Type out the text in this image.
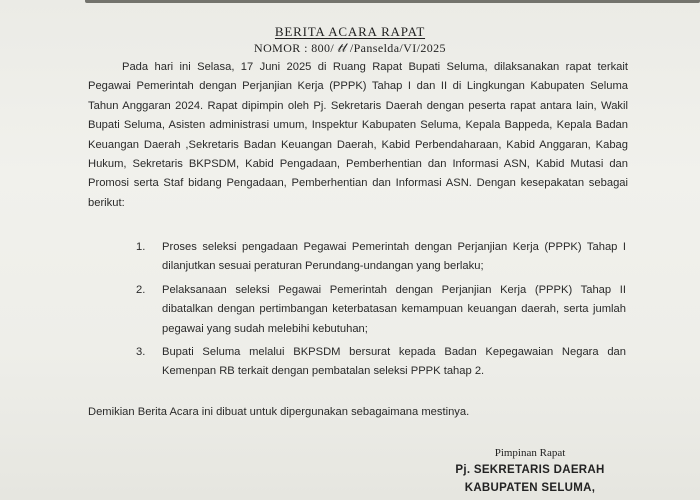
BERITA ACARA RAPAT
NOMOR : 800/ 𝓉𝓁 /Panselda/VI/2025

Pada hari ini Selasa, 17 Juni 2025 di Ruang Rapat Bupati Seluma, dilaksanakan rapat terkait Pegawai Pemerintah dengan Perjanjian Kerja (PPPK) Tahap I dan II di Lingkungan Kabupaten Seluma Tahun Anggaran 2024. Rapat dipimpin oleh Pj. Sekretaris Daerah dengan peserta rapat antara lain, Wakil Bupati Seluma, Asisten administrasi umum, Inspektur Kabupaten Seluma, Kepala Bappeda, Kepala Badan Keuangan Daerah ,Sekretaris Badan Keuangan Daerah, Kabid Perbendaharaan, Kabid Anggaran, Kabag Hukum, Sekretaris BKPSDM, Kabid Pengadaan, Pemberhentian dan Informasi ASN, Kabid Mutasi dan Promosi serta Staf bidang Pengadaan, Pemberhentian dan Informasi ASN. Dengan kesepakatan sebagai berikut:

1. Proses seleksi pengadaan Pegawai Pemerintah dengan Perjanjian Kerja (PPPK) Tahap I dilanjutkan sesuai peraturan Perundang-undangan yang berlaku;
2. Pelaksanaan seleksi Pegawai Pemerintah dengan Perjanjian Kerja (PPPK) Tahap II dibatalkan dengan pertimbangan keterbatasan kemampuan keuangan daerah, serta jumlah pegawai yang sudah melebihi kebutuhan;
3. Bupati Seluma melalui BKPSDM bersurat kepada Badan Kepegawaian Negara dan Kemenpan RB terkait dengan pembatalan seleksi PPPK tahap 2.

Demikian Berita Acara ini dibuat untuk dipergunakan sebagaimana mestinya.

Pimpinan Rapat
Pj. SEKRETARIS DAERAH
KABUPATEN SELUMA,
